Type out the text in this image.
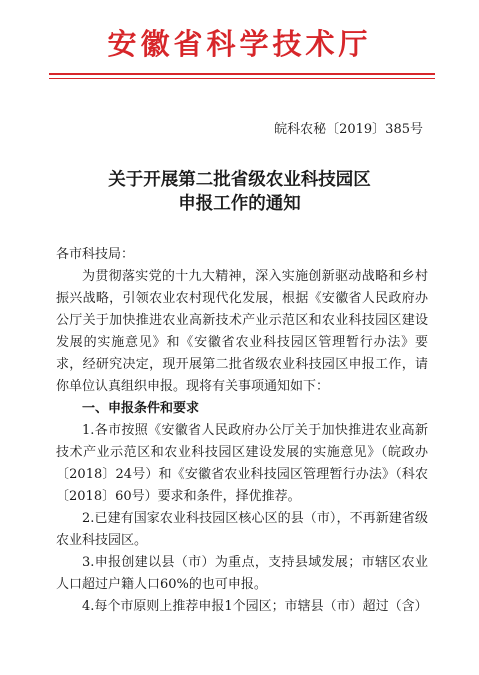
安徽省科学技术厅
皖科农秘〔2019〕385号
关于开展第二批省级农业科技园区
申报工作的通知

各市科技局：

为贯彻落实党的十九大精神，深入实施创新驱动战略和乡村振兴战略，引领农业农村现代化发展，根据《安徽省人民政府办公厅关于加快推进农业高新技术产业示范区和农业科技园区建设发展的实施意见》和《安徽省农业科技园区管理暂行办法》要求，经研究决定，现开展第二批省级农业科技园区申报工作，请你单位认真组织申报。现将有关事项通知如下：

一、申报条件和要求

1.各市按照《安徽省人民政府办公厅关于加快推进农业高新技术产业示范区和农业科技园区建设发展的实施意见》（皖政办〔2018〕24号）和《安徽省农业科技园区管理暂行办法》（科农〔2018〕60号）要求和条件，择优推荐。

2.已建有国家农业科技园区核心区的县（市），不再新建省级农业科技园区。

3.申报创建以县（市）为重点，支持县域发展；市辖区农业人口超过户籍人口60%的也可申报。

4.每个市原则上推荐申报1个园区；市辖县（市）超过（含）
